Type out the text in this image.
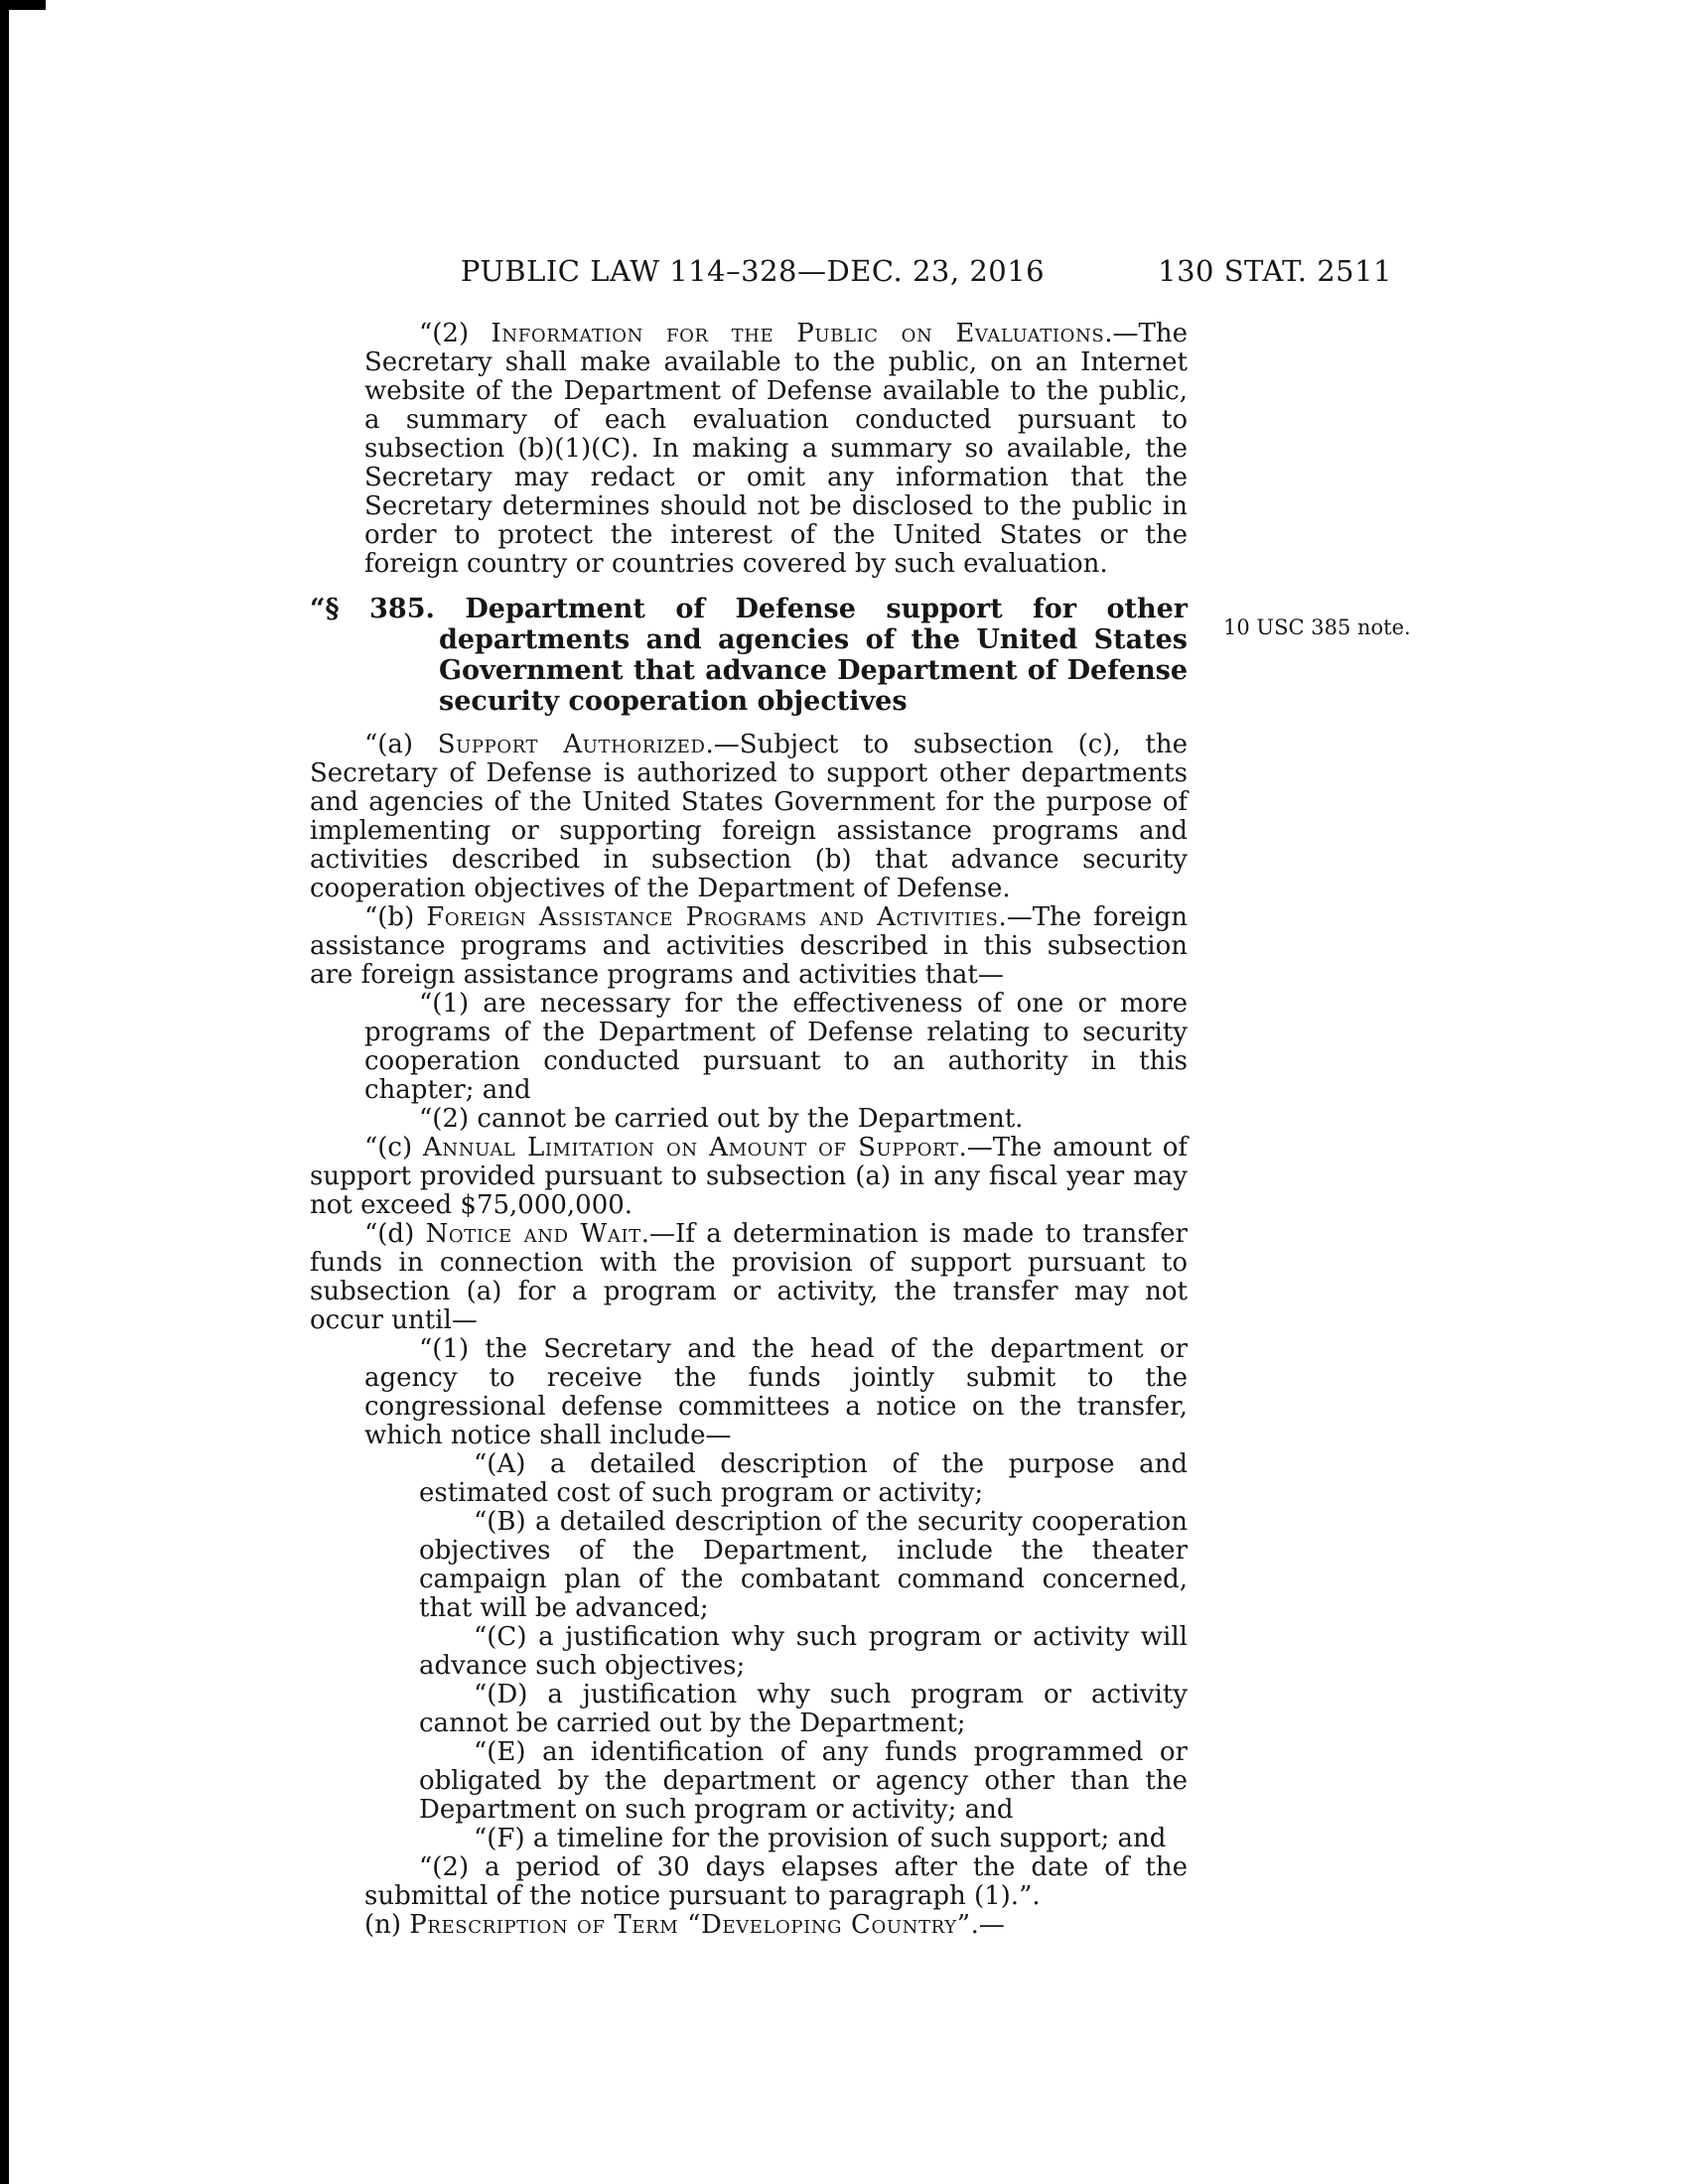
PUBLIC LAW 114–328—DEC. 23, 2016	130 STAT. 2511
10 USC 385 note.

“(2) Information for the Public on Evaluations.—The Secretary shall make available to the public, on an Internet website of the Department of Defense available to the public, a summary of each evaluation conducted pursuant to subsection (b)(1)(C). In making a summary so available, the Secretary may redact or omit any information that the Secretary determines should not be disclosed to the public in order to protect the interest of the United States or the foreign country or countries covered by such evaluation.

“§ 385. Department of Defense support for other departments and agencies of the United States Government that advance Department of Defense security cooperation objectives

“(a) Support Authorized.—Subject to subsection (c), the Secretary of Defense is authorized to support other departments and agencies of the United States Government for the purpose of implementing or supporting foreign assistance programs and activities described in subsection (b) that advance security cooperation objectives of the Department of Defense.

“(b) Foreign Assistance Programs and Activities.—The foreign assistance programs and activities described in this subsection are foreign assistance programs and activities that—

“(1) are necessary for the effectiveness of one or more programs of the Department of Defense relating to security cooperation conducted pursuant to an authority in this chapter; and

“(2) cannot be carried out by the Department.

“(c) Annual Limitation on Amount of Support.—The amount of support provided pursuant to subsection (a) in any fiscal year may not exceed $75,000,000.

“(d) Notice and Wait.—If a determination is made to transfer funds in connection with the provision of support pursuant to subsection (a) for a program or activity, the transfer may not occur until—

“(1) the Secretary and the head of the department or agency to receive the funds jointly submit to the congressional defense committees a notice on the transfer, which notice shall include—

“(A) a detailed description of the purpose and estimated cost of such program or activity;

“(B) a detailed description of the security cooperation objectives of the Department, include the theater campaign plan of the combatant command concerned, that will be advanced;

“(C) a justification why such program or activity will advance such objectives;

“(D) a justification why such program or activity cannot be carried out by the Department;

“(E) an identification of any funds programmed or obligated by the department or agency other than the Department on such program or activity; and

“(F) a timeline for the provision of such support; and

“(2) a period of 30 days elapses after the date of the submittal of the notice pursuant to paragraph (1).”.

(n) Prescription of Term “Developing Country”.—
